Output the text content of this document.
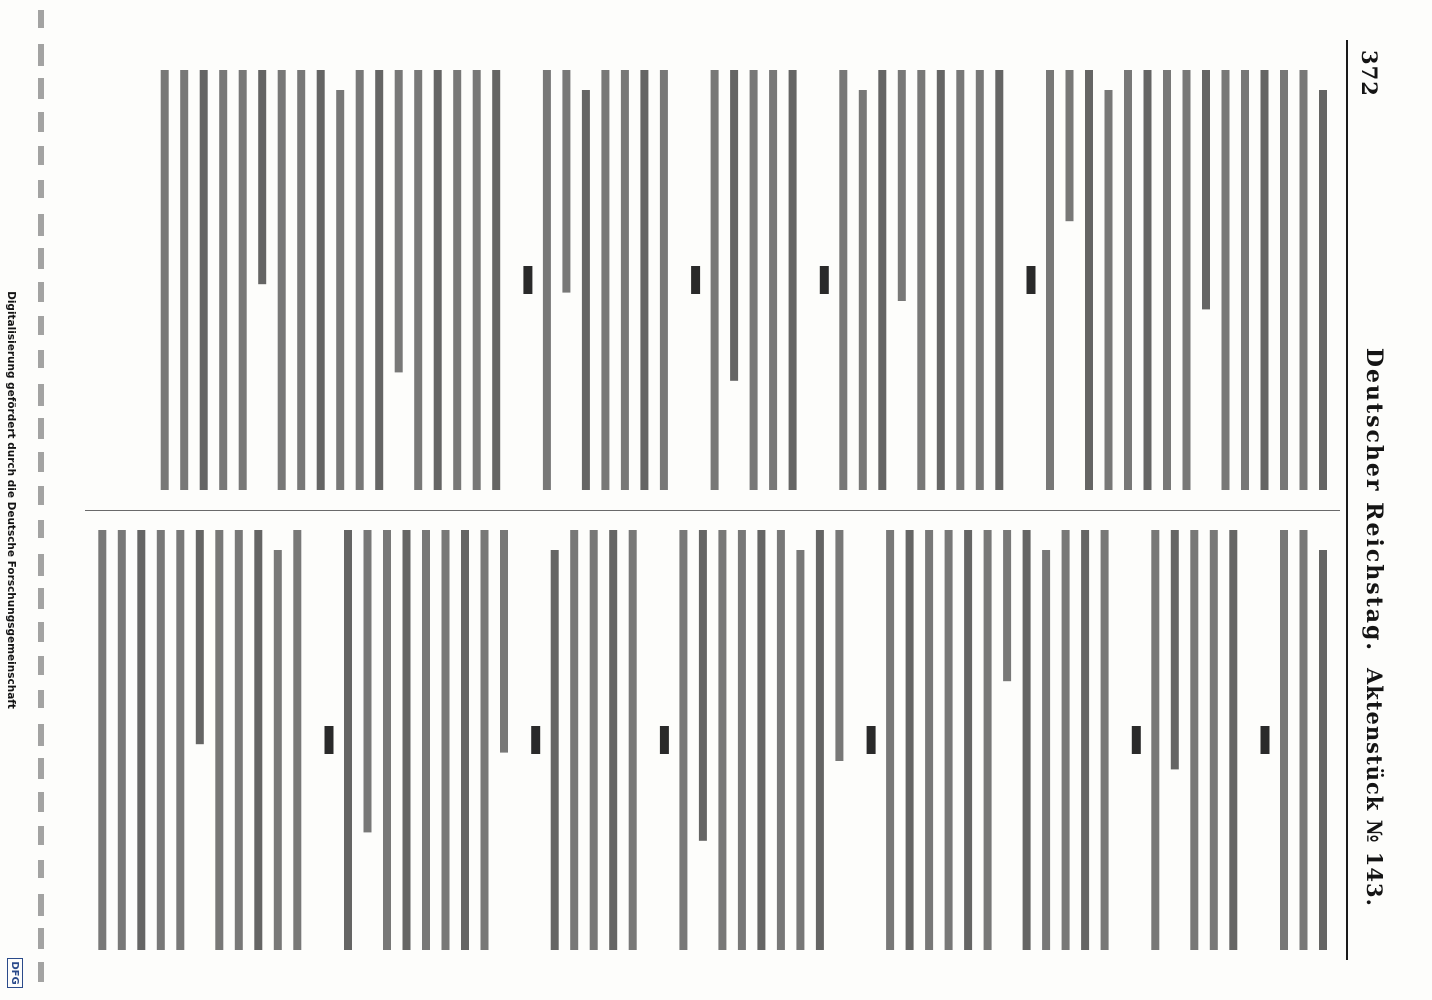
372
Deutscher Reichstag.
Aktenstück № 143.
Digitalisierung gefördert durch die Deutsche Forschungsgemeinschaft
DFG
